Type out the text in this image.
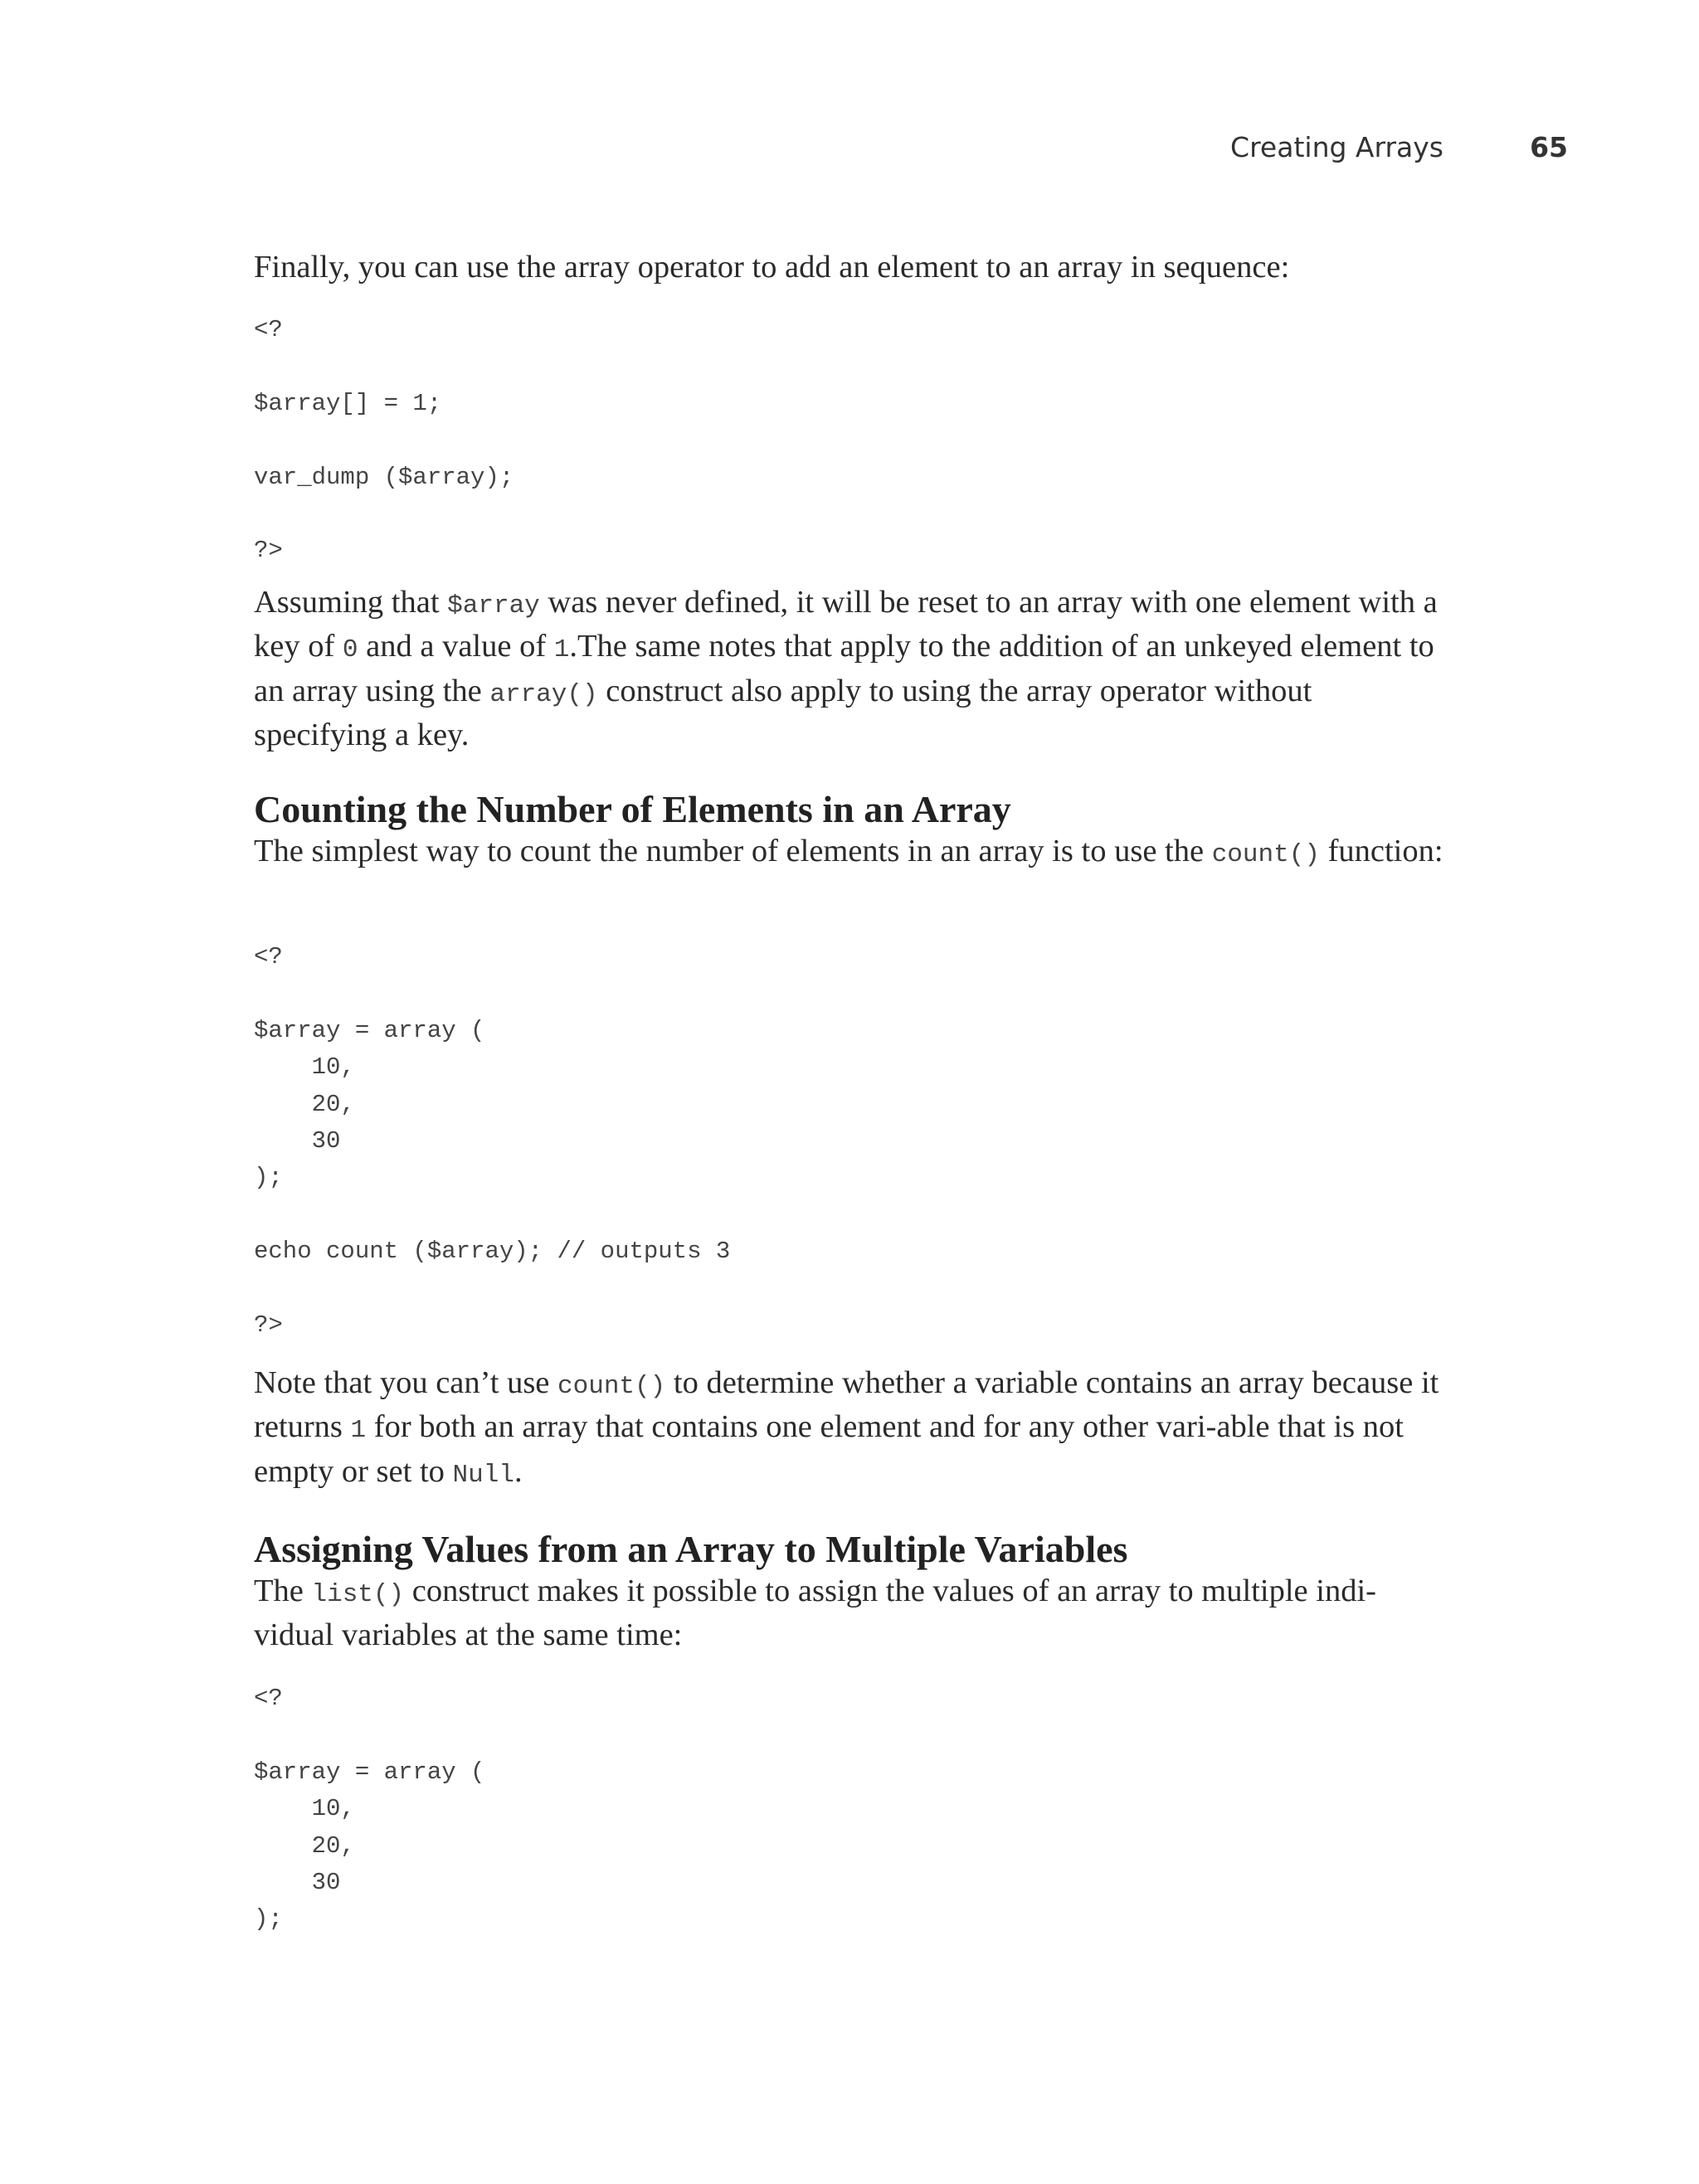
Creating Arrays	65

Finally, you can use the array operator to add an element to an array in sequence:

<?

$array[] = 1;

var_dump ($array);

?>

Assuming that $array was never defined, it will be reset to an array with one element with a key of 0 and a value of 1.The same notes that apply to the addition of an unkeyed element to an array using the array() construct also apply to using the array operator without specifying a key.

Counting the Number of Elements in an Array

The simplest way to count the number of elements in an array is to use the count() function:

<?

$array = array (
10,
20,
30
);

echo count ($array); // outputs 3

?>

Note that you can’t use count() to determine whether a variable contains an array because it returns 1 for both an array that contains one element and for any other vari-able that is not empty or set to Null.

Assigning Values from an Array to Multiple Variables

The list() construct makes it possible to assign the values of an array to multiple indi-vidual variables at the same time:

<?

$array = array (
10,
20,
30
);
